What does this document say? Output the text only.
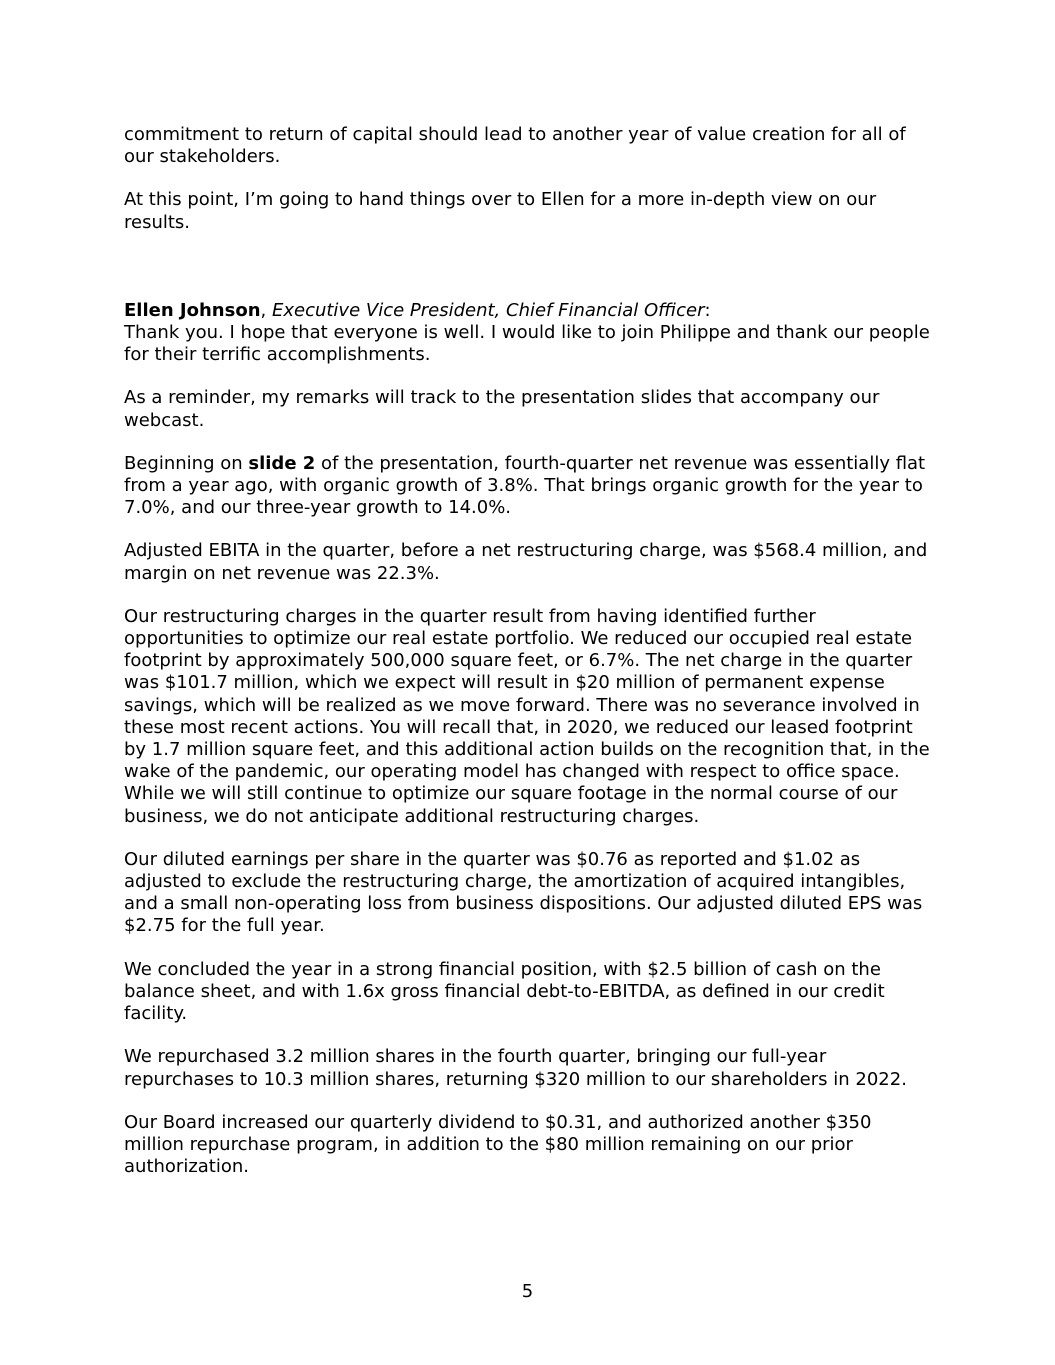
commitment to return of capital should lead to another year of value creation for all of our stakeholders.

At this point, I’m going to hand things over to Ellen for a more in-depth view on our results.

Ellen Johnson, Executive Vice President, Chief Financial Officer:

Thank you. I hope that everyone is well. I would like to join Philippe and thank our people for their terrific accomplishments.

As a reminder, my remarks will track to the presentation slides that accompany our webcast.

Beginning on slide 2 of the presentation, fourth-quarter net revenue was essentially flat from a year ago, with organic growth of 3.8%. That brings organic growth for the year to 7.0%, and our three-year growth to 14.0%.

Adjusted EBITA in the quarter, before a net restructuring charge, was $568.4 million, and margin on net revenue was 22.3%.

Our restructuring charges in the quarter result from having identified further opportunities to optimize our real estate portfolio. We reduced our occupied real estate footprint by approximately 500,000 square feet, or 6.7%. The net charge in the quarter was $101.7 million, which we expect will result in $20 million of permanent expense savings, which will be realized as we move forward. There was no severance involved in these most recent actions. You will recall that, in 2020, we reduced our leased footprint by 1.7 million square feet, and this additional action builds on the recognition that, in the wake of the pandemic, our operating model has changed with respect to office space. While we will still continue to optimize our square footage in the normal course of our business, we do not anticipate additional restructuring charges.

Our diluted earnings per share in the quarter was $0.76 as reported and $1.02 as adjusted to exclude the restructuring charge, the amortization of acquired intangibles, and a small non-operating loss from business dispositions. Our adjusted diluted EPS was $2.75 for the full year.

We concluded the year in a strong financial position, with $2.5 billion of cash on the balance sheet, and with 1.6x gross financial debt-to-EBITDA, as defined in our credit facility.

We repurchased 3.2 million shares in the fourth quarter, bringing our full-year repurchases to 10.3 million shares, returning $320 million to our shareholders in 2022.

Our Board increased our quarterly dividend to $0.31, and authorized another $350 million repurchase program, in addition to the $80 million remaining on our prior authorization.

5
